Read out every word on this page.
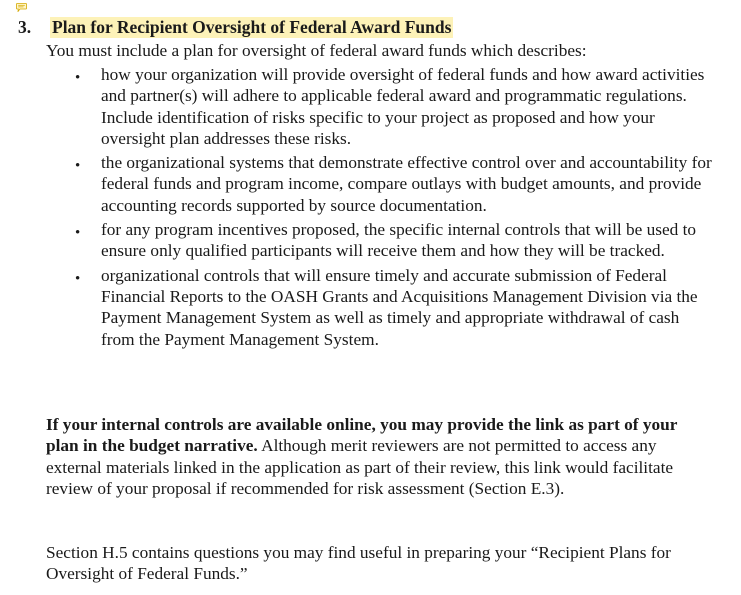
3.	Plan for Recipient Oversight of Federal Award Funds
You must include a plan for oversight of federal award funds which describes:
• how your organization will provide oversight of federal funds and how award activities and partner(s) will adhere to applicable federal award and programmatic regulations. Include identification of risks specific to your project as proposed and how your oversight plan addresses these risks.
• the organizational systems that demonstrate effective control over and accountability for federal funds and program income, compare outlays with budget amounts, and provide accounting records supported by source documentation.
• for any program incentives proposed, the specific internal controls that will be used to ensure only qualified participants will receive them and how they will be tracked.
• organizational controls that will ensure timely and accurate submission of Federal Financial Reports to the OASH Grants and Acquisitions Management Division via the Payment Management System as well as timely and appropriate withdrawal of cash from the Payment Management System.
If your internal controls are available online, you may provide the link as part of your plan in the budget narrative. Although merit reviewers are not permitted to access any external materials linked in the application as part of their review, this link would facilitate review of your proposal if recommended for risk assessment (Section E.3).
Section H.5 contains questions you may find useful in preparing your “Recipient Plans for Oversight of Federal Funds.”
